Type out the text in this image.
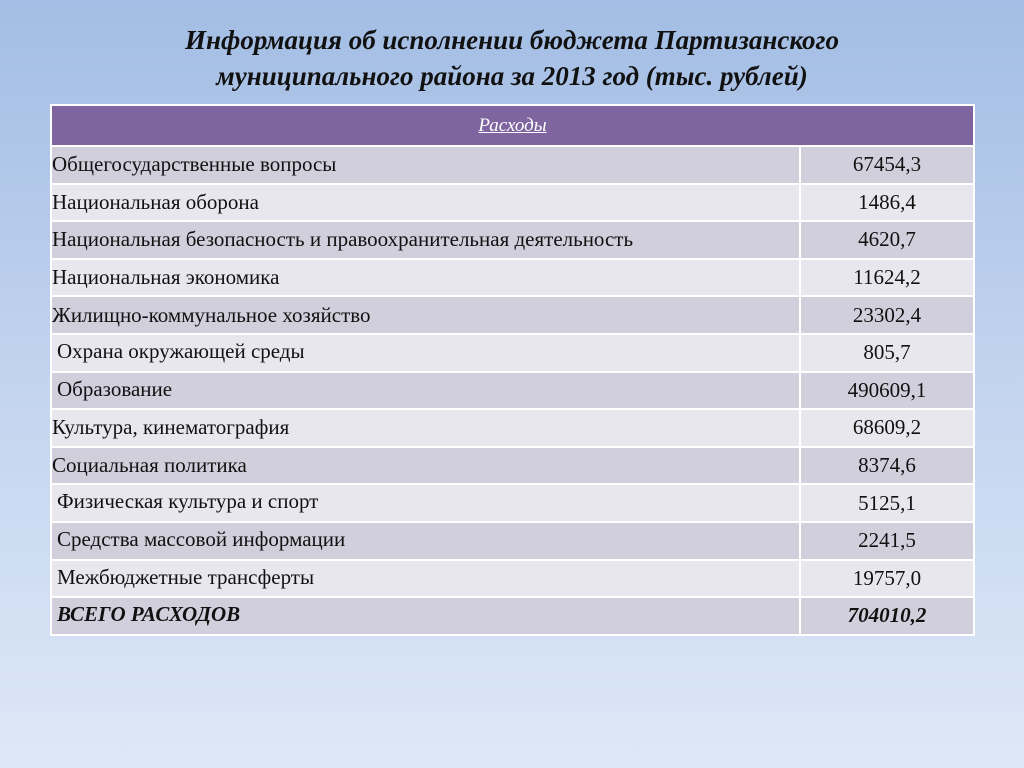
Информация об исполнении бюджета Партизанского
муниципального района за 2013 год (тыс. рублей)
Расходы	
Общегосударственные вопросы	67454,3
Национальная оборона	1486,4
Национальная безопасность и правоохранительная деятельность	4620,7
Национальная экономика	11624,2
Жилищно-коммунальное хозяйство	23302,4
Охрана окружающей среды	805,7
Образование	490609,1
Культура, кинематография	68609,2
Социальная политика	8374,6
Физическая культура и спорт	5125,1
Средства массовой информации	2241,5
Межбюджетные трансферты	19757,0
ВСЕГО РАСХОДОВ	704010,2
